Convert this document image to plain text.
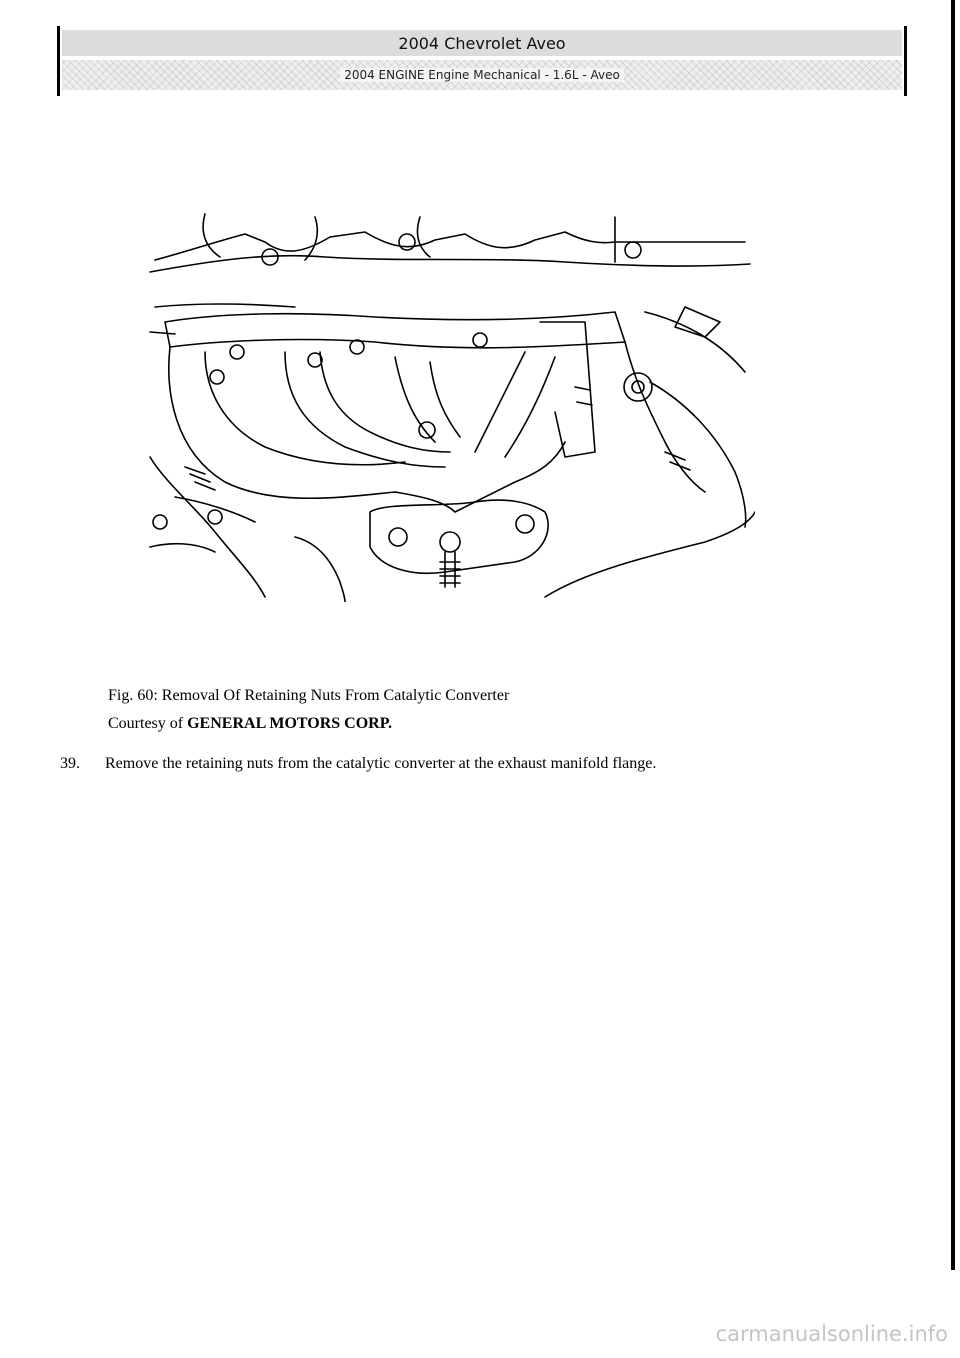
2004 Chevrolet Aveo
2004 ENGINE Engine Mechanical - 1.6L - Aveo
Fig. 60: Removal Of Retaining Nuts From Catalytic Converter
Courtesy of GENERAL MOTORS CORP.
39.	Remove the retaining nuts from the catalytic converter at the exhaust manifold flange.
carmanualsonline.info
